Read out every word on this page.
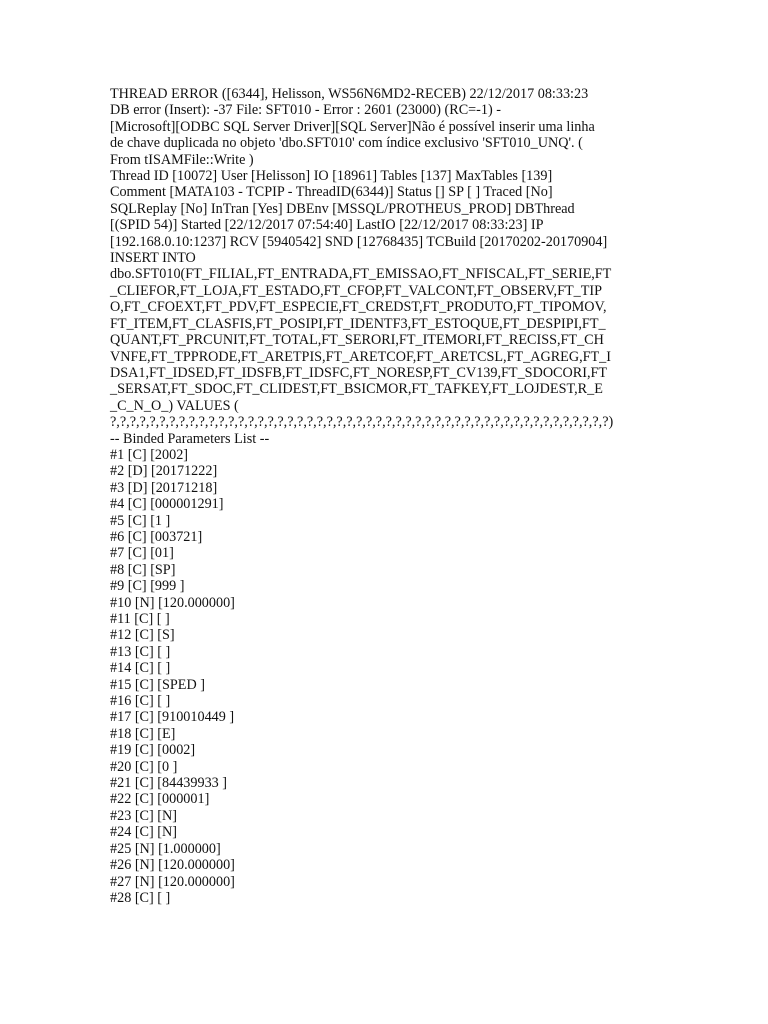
THREAD ERROR ([6344], Helisson, WS56N6MD2-RECEB) 22/12/2017 08:33:23
DB error (Insert): -37 File: SFT010 - Error : 2601 (23000) (RC=-1) -
[Microsoft][ODBC SQL Server Driver][SQL Server]Não é possível inserir uma linha
de chave duplicada no objeto 'dbo.SFT010' com índice exclusivo 'SFT010_UNQ'. (
From tISAMFile::Write )
Thread ID [10072] User [Helisson] IO [18961] Tables [137] MaxTables [139]
Comment [MATA103 - TCPIP - ThreadID(6344)] Status [] SP [ ] Traced [No]
SQLReplay [No] InTran [Yes] DBEnv [MSSQL/PROTHEUS_PROD] DBThread
[(SPID 54)] Started [22/12/2017 07:54:40] LastIO [22/12/2017 08:33:23] IP
[192.168.0.10:1237] RCV [5940542] SND [12768435] TCBuild [20170202-20170904]
INSERT INTO
dbo.SFT010(FT_FILIAL,FT_ENTRADA,FT_EMISSAO,FT_NFISCAL,FT_SERIE,FT
_CLIEFOR,FT_LOJA,FT_ESTADO,FT_CFOP,FT_VALCONT,FT_OBSERV,FT_TIP
O,FT_CFOEXT,FT_PDV,FT_ESPECIE,FT_CREDST,FT_PRODUTO,FT_TIPOMOV,
FT_ITEM,FT_CLASFIS,FT_POSIPI,FT_IDENTF3,FT_ESTOQUE,FT_DESPIPI,FT_
QUANT,FT_PRCUNIT,FT_TOTAL,FT_SERORI,FT_ITEMORI,FT_RECISS,FT_CH
VNFE,FT_TPPRODE,FT_ARETPIS,FT_ARETCOF,FT_ARETCSL,FT_AGREG,FT_I
DSA1,FT_IDSED,FT_IDSFB,FT_IDSFC,FT_NORESP,FT_CV139,FT_SDOCORI,FT
_SERSAT,FT_SDOC,FT_CLIDEST,FT_BSICMOR,FT_TAFKEY,FT_LOJDEST,R_E
_C_N_O_) VALUES (
?,?,?,?,?,?,?,?,?,?,?,?,?,?,?,?,?,?,?,?,?,?,?,?,?,?,?,?,?,?,?,?,?,?,?,?,?,?,?,?,?,?,?,?,?,?,?,?,?,?,?)
-- Binded Parameters List --
#1 [C] [2002]
#2 [D] [20171222]
#3 [D] [20171218]
#4 [C] [000001291]
#5 [C] [1 ]
#6 [C] [003721]
#7 [C] [01]
#8 [C] [SP]
#9 [C] [999 ]
#10 [N] [120.000000]
#11 [C] [ ]
#12 [C] [S]
#13 [C] [ ]
#14 [C] [ ]
#15 [C] [SPED ]
#16 [C] [ ]
#17 [C] [910010449 ]
#18 [C] [E]
#19 [C] [0002]
#20 [C] [0 ]
#21 [C] [84439933 ]
#22 [C] [000001]
#23 [C] [N]
#24 [C] [N]
#25 [N] [1.000000]
#26 [N] [120.000000]
#27 [N] [120.000000]
#28 [C] [ ]
